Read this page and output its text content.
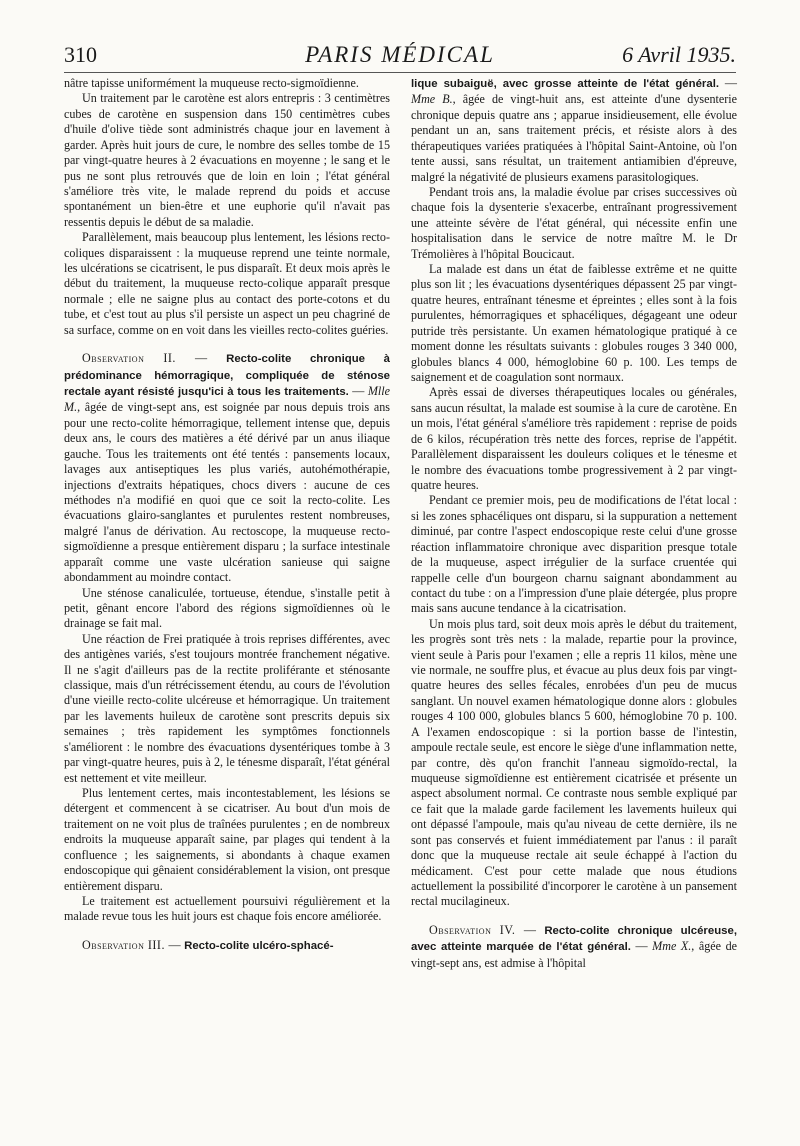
310	PARIS MÉDICAL	6 Avril 1935.

nâtre tapisse uniformément la muqueuse recto-sigmoïdienne.

Un traitement par le carotène est alors entrepris : 3 centimètres cubes de carotène en suspension dans 150 centimètres cubes d'huile d'olive tiède sont administrés chaque jour en lavement à garder. Après huit jours de cure, le nombre des selles tombe de 15 par vingt-quatre heures à 2 évacuations en moyenne ; le sang et le pus ne sont plus retrouvés que de loin en loin ; l'état général s'améliore très vite, le malade reprend du poids et accuse spontanément un bien-être et une euphorie qu'il n'avait pas ressentis depuis le début de sa maladie.

Parallèlement, mais beaucoup plus lentement, les lésions recto-coliques disparaissent : la muqueuse reprend une teinte normale, les ulcérations se cicatrisent, le pus disparaît. Et deux mois après le début du traitement, la muqueuse recto-colique apparaît presque normale ; elle ne saigne plus au contact des porte-cotons et du tube, et c'est tout au plus s'il persiste un aspect un peu chagriné de sa surface, comme on en voit dans les vieilles recto-colites guéries.

Observation II. — Recto-colite chronique à prédominance hémorragique, compliquée de sténose rectale ayant résisté jusqu'ici à tous les traitements. — Mlle M., âgée de vingt-sept ans, est soignée par nous depuis trois ans pour une recto-colite hémorragique, tellement intense que, depuis deux ans, le cours des matières a été dérivé par un anus iliaque gauche. Tous les traitements ont été tentés : pansements locaux, lavages aux antiseptiques les plus variés, autohémothérapie, injections d'extraits hépatiques, chocs divers : aucune de ces méthodes n'a modifié en quoi que ce soit la recto-colite. Les évacuations glairo-sanglantes et purulentes restent nombreuses, malgré l'anus de dérivation. Au rectoscope, la muqueuse recto-sigmoïdienne a presque entièrement disparu ; la surface intestinale apparaît comme une vaste ulcération sanieuse qui saigne abondamment au moindre contact.

Une sténose canaliculée, tortueuse, étendue, s'installe petit à petit, gênant encore l'abord des régions sigmoïdiennes où le drainage se fait mal.

Une réaction de Frei pratiquée à trois reprises différentes, avec des antigènes variés, s'est toujours montrée franchement négative. Il ne s'agit d'ailleurs pas de la rectite proliférante et sténosante classique, mais d'un rétrécissement étendu, au cours de l'évolution d'une vieille recto-colite ulcéreuse et hémorragique. Un traitement par les lavements huileux de carotène sont prescrits depuis six semaines ; très rapidement les symptômes fonctionnels s'améliorent : le nombre des évacuations dysentériques tombe à 3 par vingt-quatre heures, puis à 2, le ténesme disparaît, l'état général est nettement et vite meilleur.

Plus lentement certes, mais incontestablement, les lésions se détergent et commencent à se cicatriser. Au bout d'un mois de traitement on ne voit plus de traînées purulentes ; en de nombreux endroits la muqueuse apparaît saine, par plages qui tendent à la confluence ; les saignements, si abondants à chaque examen endoscopique qui gênaient considérablement la vision, ont presque entièrement disparu.

Le traitement est actuellement poursuivi régulièrement et la malade revue tous les huit jours est chaque fois encore améliorée.

Observation III. — Recto-colite ulcéro-sphacé-

lique subaiguë, avec grosse atteinte de l'état général. — Mme B., âgée de vingt-huit ans, est atteinte d'une dysenterie chronique depuis quatre ans ; apparue insidieusement, elle évolue pendant un an, sans traitement précis, et résiste alors à des thérapeutiques variées pratiquées à l'hôpital Saint-Antoine, où l'on tente aussi, sans résultat, un traitement antiamibien d'épreuve, malgré la négativité de plusieurs examens parasitologiques.

Pendant trois ans, la maladie évolue par crises successives où chaque fois la dysenterie s'exacerbe, entraînant progressivement une atteinte sévère de l'état général, qui nécessite enfin une hospitalisation dans le service de notre maître M. le Dr Trémolières à l'hôpital Boucicaut.

La malade est dans un état de faiblesse extrême et ne quitte plus son lit ; les évacuations dysentériques dépassent 25 par vingt-quatre heures, entraînant ténesme et épreintes ; elles sont à la fois purulentes, hémorragiques et sphacéliques, dégageant une odeur putride très persistante. Un examen hématologique pratiqué à ce moment donne les résultats suivants : globules rouges 3 340 000, globules blancs 4 000, hémoglobine 60 p. 100. Les temps de saignement et de coagulation sont normaux.

Après essai de diverses thérapeutiques locales ou générales, sans aucun résultat, la malade est soumise à la cure de carotène. En un mois, l'état général s'améliore très rapidement : reprise de poids de 6 kilos, récupération très nette des forces, reprise de l'appétit. Parallèlement disparaissent les douleurs coliques et le ténesme et le nombre des évacuations tombe progressivement à 2 par vingt-quatre heures.

Pendant ce premier mois, peu de modifications de l'état local : si les zones sphacéliques ont disparu, si la suppuration a nettement diminué, par contre l'aspect endoscopique reste celui d'une grosse réaction inflammatoire chronique avec disparition presque totale de la muqueuse, aspect irrégulier de la surface cruentée qui rappelle celle d'un bourgeon charnu saignant abondamment au contact du tube : on a l'impression d'une plaie détergée, plus propre mais sans aucune tendance à la cicatrisation.

Un mois plus tard, soit deux mois après le début du traitement, les progrès sont très nets : la malade, repartie pour la province, vient seule à Paris pour l'examen ; elle a repris 11 kilos, mène une vie normale, ne souffre plus, et évacue au plus deux fois par vingt-quatre heures des selles fécales, enrobées d'un peu de mucus sanglant. Un nouvel examen hématologique donne alors : globules rouges 4 100 000, globules blancs 5 600, hémoglobine 70 p. 100. A l'examen endoscopique : si la portion basse de l'intestin, ampoule rectale seule, est encore le siège d'une inflammation nette, par contre, dès qu'on franchit l'anneau sigmoïdo-rectal, la muqueuse sigmoïdienne est entièrement cicatrisée et présente un aspect absolument normal. Ce contraste nous semble expliqué par ce fait que la malade garde facilement les lavements huileux qui ont dépassé l'ampoule, mais qu'au niveau de cette dernière, ils ne sont pas conservés et fuient immédiatement par l'anus : il paraît donc que la muqueuse rectale ait seule échappé à l'action du médicament. C'est pour cette malade que nous étudions actuellement la possibilité d'incorporer le carotène à un pansement rectal mucilagineux.

Observation IV. — Recto-colite chronique ulcéreuse, avec atteinte marquée de l'état général. — Mme X., âgée de vingt-sept ans, est admise à l'hôpital
